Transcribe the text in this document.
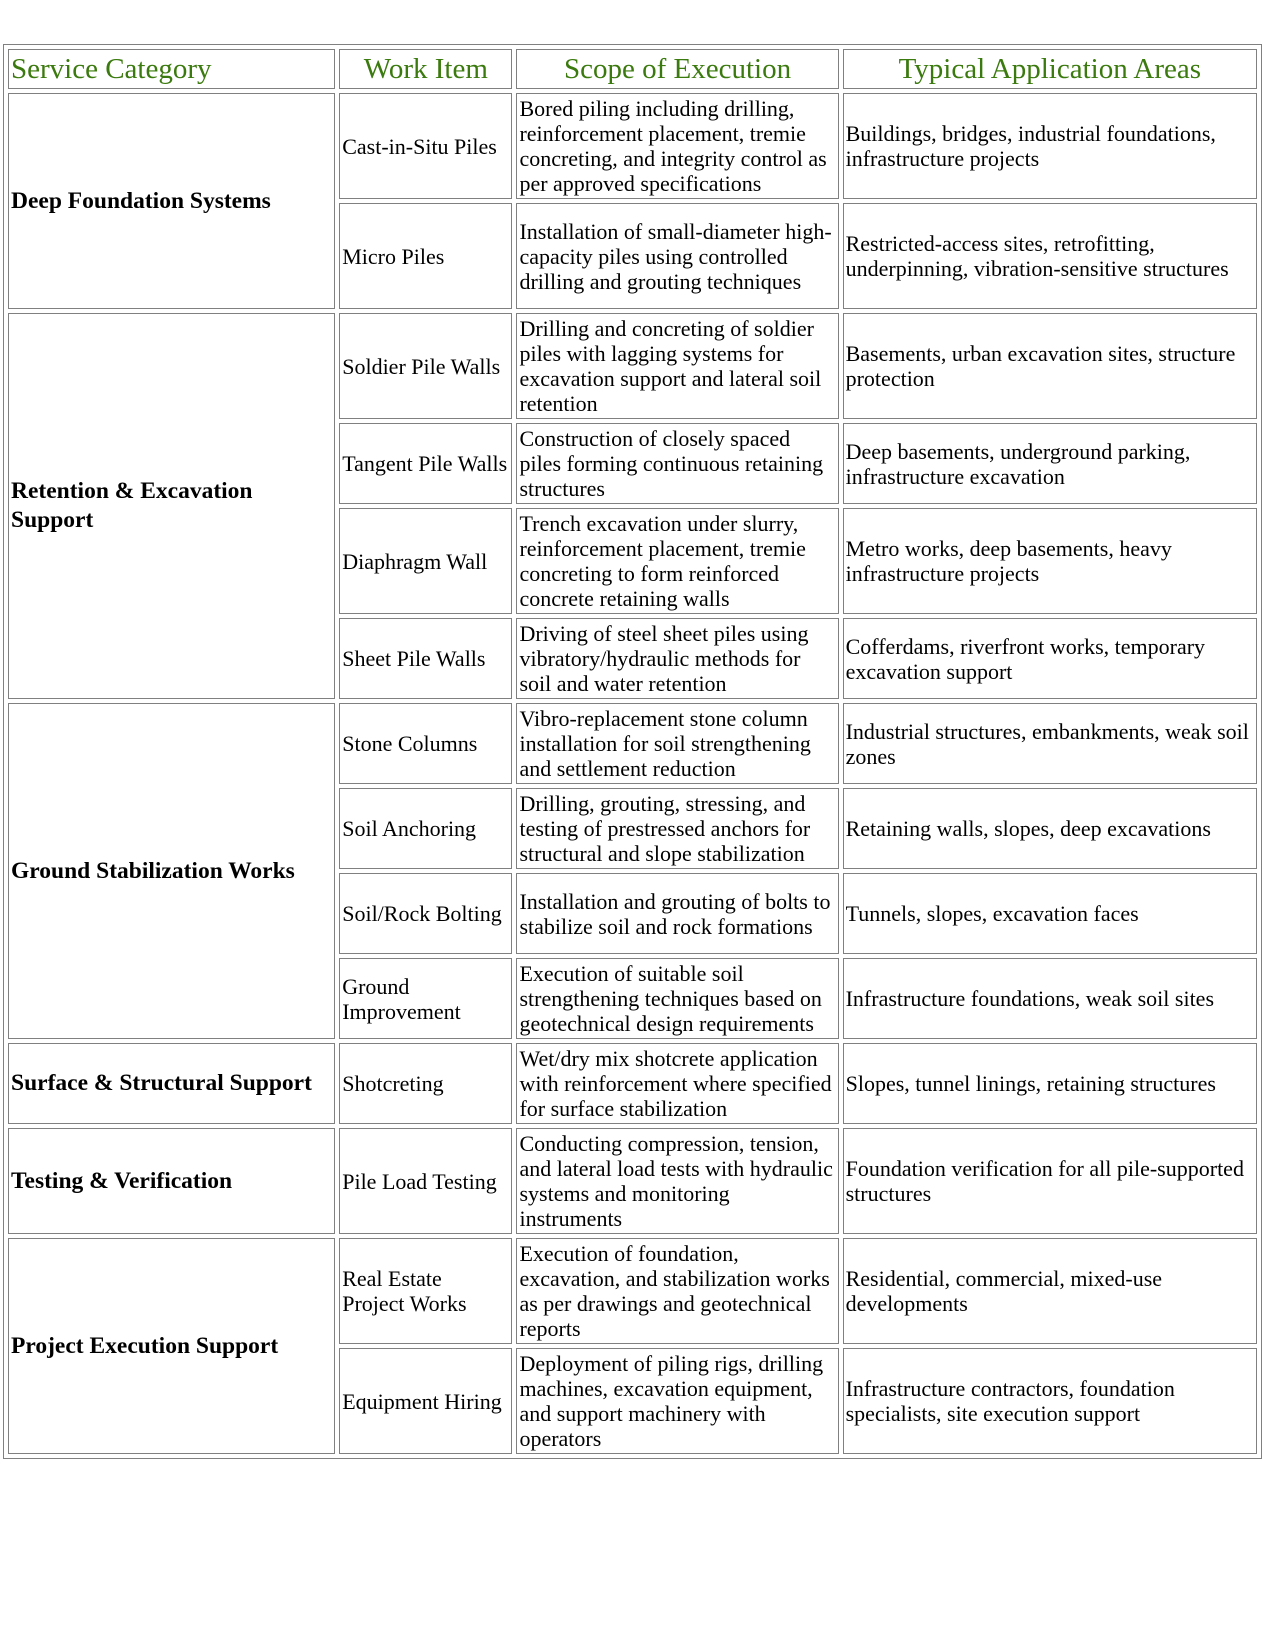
Service Category	Work Item	Scope of Execution	Typical Application Areas
Deep Foundation Systems	Cast-in-Situ Piles	Bored piling including drilling, reinforcement placement, tremie concreting, and integrity control as per approved specifications	Buildings, bridges, industrial foundations, infrastructure projects
	Micro Piles	Installation of small-diameter high-capacity piles using controlled drilling and grouting techniques	Restricted-access sites, retrofitting, underpinning, vibration-sensitive structures
Retention & Excavation Support	Soldier Pile Walls	Drilling and concreting of soldier piles with lagging systems for excavation support and lateral soil retention	Basements, urban excavation sites, structure protection
	Tangent Pile Walls	Construction of closely spaced piles forming continuous retaining structures	Deep basements, underground parking, infrastructure excavation
	Diaphragm Wall	Trench excavation under slurry, reinforcement placement, tremie concreting to form reinforced concrete retaining walls	Metro works, deep basements, heavy infrastructure projects
	Sheet Pile Walls	Driving of steel sheet piles using vibratory/hydraulic methods for soil and water retention	Cofferdams, riverfront works, temporary excavation support
Ground Stabilization Works	Stone Columns	Vibro-replacement stone column installation for soil strengthening and settlement reduction	Industrial structures, embankments, weak soil zones
	Soil Anchoring	Drilling, grouting, stressing, and testing of prestressed anchors for structural and slope stabilization	Retaining walls, slopes, deep excavations
	Soil/Rock Bolting	Installation and grouting of bolts to stabilize soil and rock formations	Tunnels, slopes, excavation faces
	Ground Improvement	Execution of suitable soil strengthening techniques based on geotechnical design requirements	Infrastructure foundations, weak soil sites
Surface & Structural Support	Shotcreting	Wet/dry mix shotcrete application with reinforcement where specified for surface stabilization	Slopes, tunnel linings, retaining structures
Testing & Verification	Pile Load Testing	Conducting compression, tension, and lateral load tests with hydraulic systems and monitoring instruments	Foundation verification for all pile-supported structures
Project Execution Support	Real Estate Project Works	Execution of foundation, excavation, and stabilization works as per drawings and geotechnical reports	Residential, commercial, mixed-use developments
	Equipment Hiring	Deployment of piling rigs, drilling machines, excavation equipment, and support machinery with operators	Infrastructure contractors, foundation specialists, site execution support
